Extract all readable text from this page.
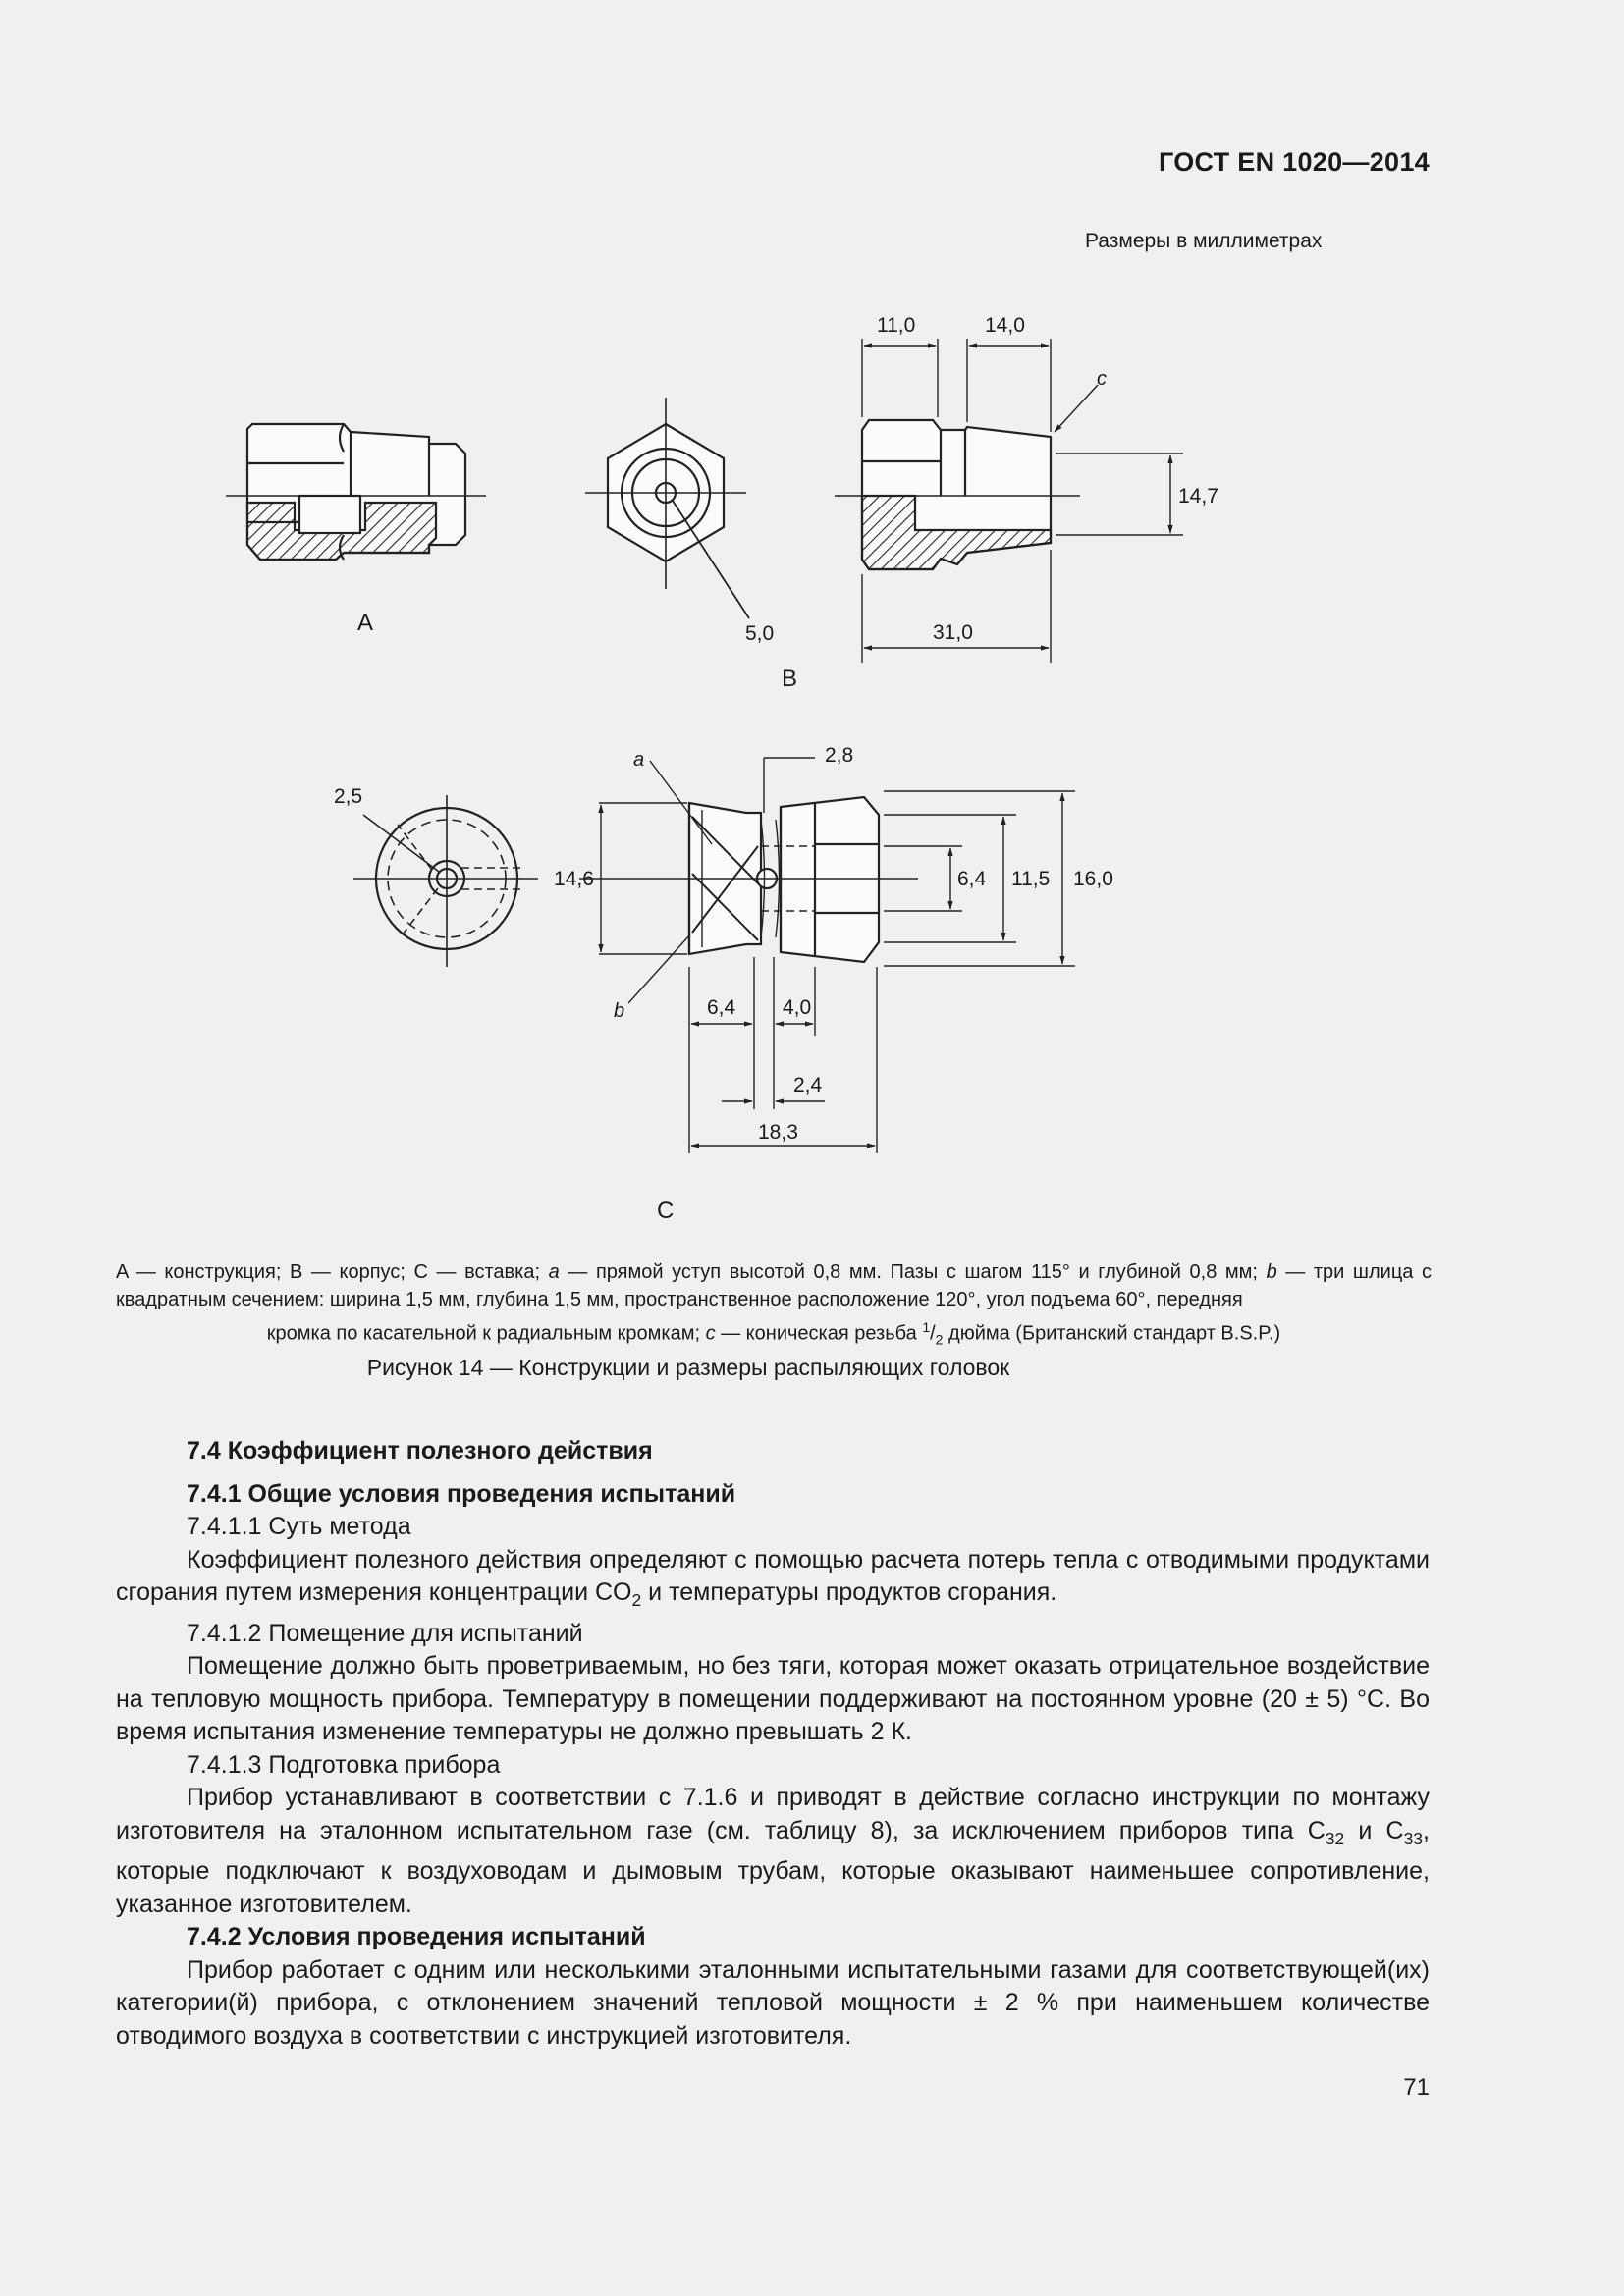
ГОСТ EN 1020—2014
Размеры в миллиметрах
A	5,0
11,0	14,0
c
14,7
31,0
B
2,5
a
b
2,8
14,6	6,4 11,5 16,0
6,4 4,0
2,4
18,3
C
A — конструкция; B — корпус; C — вставка; a — прямой уступ высотой 0,8 мм. Пазы с шагом 115° и глубиной 0,8 мм; b — три шлица с квадратным сечением: ширина 1,5 мм, глубина 1,5 мм, пространственное расположение 120°, угол подъема 60°, передняя
кромка по касательной к радиальным кромкам; c — коническая резьба $^1/_2$ дюйма (Британский стандарт B.S.P.)
Рисунок 14 — Конструкции и размеры распыляющих головок

7.4 Коэффициент полезного действия

7.4.1 Общие условия проведения испытаний

7.4.1.1 Суть метода

Коэффициент полезного действия определяют с помощью расчета потерь тепла с отводимыми продуктами сгорания путем измерения концентрации $CO_2$ и температуры продуктов сгорания.

7.4.1.2 Помещение для испытаний

Помещение должно быть проветриваемым, но без тяги, которая может оказать отрицательное воздействие на тепловую мощность прибора. Температуру в помещении поддерживают на постоянном уровне (20 ± 5) °С. Во время испытания изменение температуры не должно превышать 2 К.

7.4.1.3 Подготовка прибора

Прибор устанавливают в соответствии с 7.1.6 и приводят в действие согласно инструкции по монтажу изготовителя на эталонном испытательном газе (см. таблицу 8), за исключением приборов типа $C_{32}$ и $C_{33}$, которые подключают к воздуховодам и дымовым трубам, которые оказывают наименьшее сопротивление, указанное изготовителем.

7.4.2 Условия проведения испытаний

Прибор работает с одним или несколькими эталонными испытательными газами для соответствующей(их) категории(й) прибора, с отклонением значений тепловой мощности ± 2 % при наименьшем количестве отводимого воздуха в соответствии с инструкцией изготовителя.

71
